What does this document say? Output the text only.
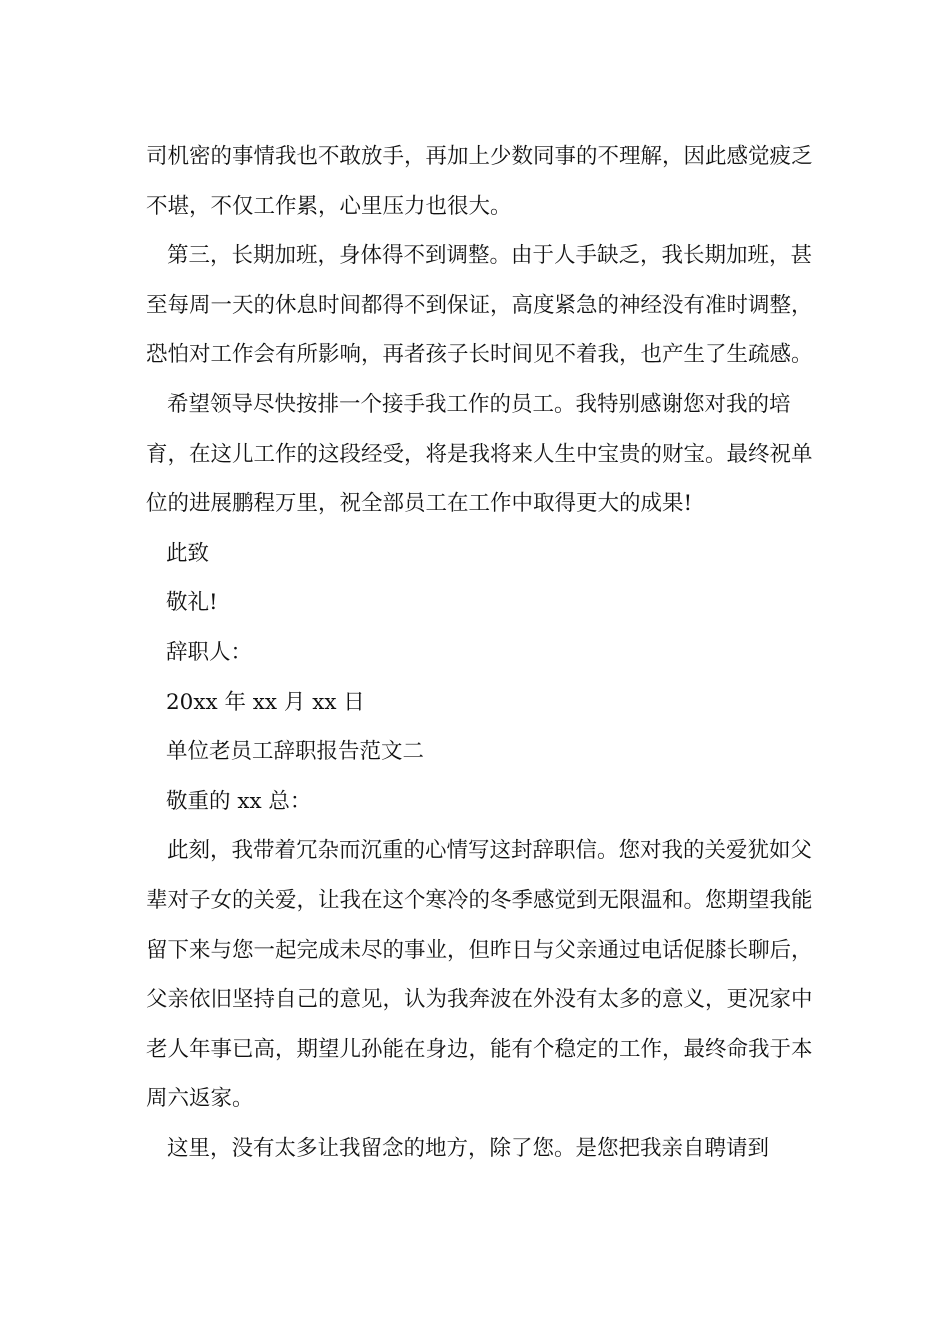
司机密的事情我也不敢放手，再加上少数同事的不理解，因此感觉疲乏不堪，不仅工作累，心里压力也很大。

第三，长期加班，身体得不到调整。由于人手缺乏，我长期加班，甚至每周一天的休息时间都得不到保证，高度紧急的神经没有准时调整，恐怕对工作会有所影响，再者孩子长时间见不着我，也产生了生疏感。

希望领导尽快按排一个接手我工作的员工。我特别感谢您对我的培育，在这儿工作的这段经受，将是我将来人生中宝贵的财宝。最终祝单位的进展鹏程万里，祝全部员工在工作中取得更大的成果!

此致

敬礼!

辞职人：

20xx 年 xx 月 xx 日

单位老员工辞职报告范文二

敬重的 xx 总：

此刻，我带着冗杂而沉重的心情写这封辞职信。您对我的关爱犹如父辈对子女的关爱，让我在这个寒冷的冬季感觉到无限温和。您期望我能留下来与您一起完成未尽的事业，但昨日与父亲通过电话促膝长聊后，父亲依旧坚持自己的意见，认为我奔波在外没有太多的意义，更况家中老人年事已高，期望儿孙能在身边，能有个稳定的工作，最终命我于本周六返家。

这里，没有太多让我留念的地方，除了您。是您把我亲自聘请到
